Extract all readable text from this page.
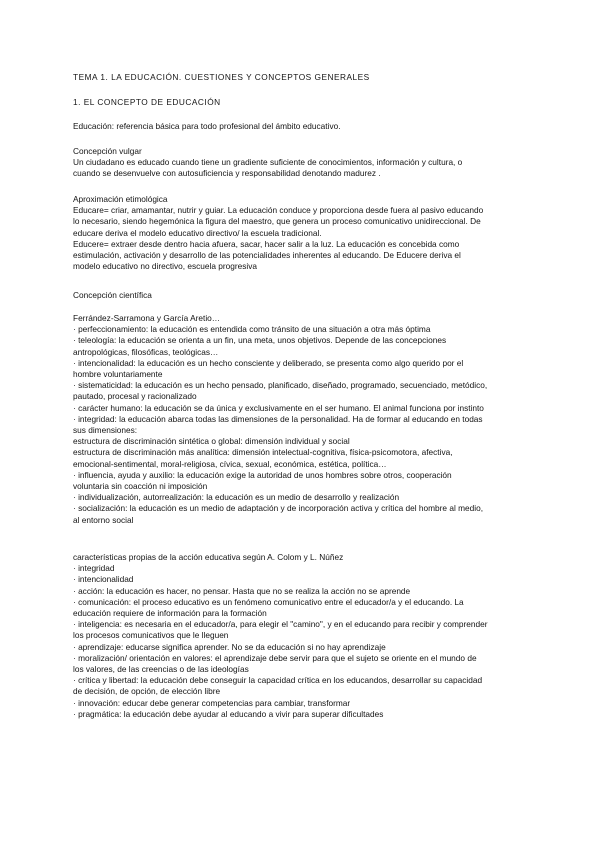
TEMA 1. LA EDUCACIÓN. CUESTIONES Y CONCEPTOS GENERALES
1. EL CONCEPTO DE EDUCACIÓN
Educación: referencia básica para todo profesional del ámbito educativo.
Concepción vulgar
Un ciudadano es educado cuando tiene un gradiente suficiente de conocimientos, información y cultura, o
cuando se desenvuelve con autosuficiencia y responsabilidad denotando madurez .
Aproximación etimológica
Educare= criar, amamantar, nutrir y guiar. La educación conduce y proporciona desde fuera al pasivo educando
lo necesario, siendo hegemónica la figura del maestro, que genera un proceso comunicativo unidireccional. De
educare deriva el modelo educativo directivo/ la escuela tradicional.
Educere= extraer desde dentro hacia afuera, sacar, hacer salir a la luz. La educación es concebida como
estimulación, activación y desarrollo de las potencialidades inherentes al educando. De Educere deriva el
modelo educativo no directivo, escuela progresiva
Concepción científica
Ferrández-Sarramona y García Aretio…
· perfeccionamiento: la educación es entendida como tránsito de una situación a otra más óptima
· teleología: la educación se orienta a un fin, una meta, unos objetivos. Depende de las concepciones
antropológicas, filosóficas, teológicas…
· intencionalidad: la educación es un hecho consciente y deliberado, se presenta como algo querido por el
hombre voluntariamente
· sistematicidad: la educación es un hecho pensado, planificado, diseñado, programado, secuenciado, metódico,
pautado, procesal y racionalizado
· carácter humano: la educación se da única y exclusivamente en el ser humano. El animal funciona por instinto
· integridad: la educación abarca todas las dimensiones de la personalidad. Ha de formar al educando en todas
sus dimensiones:
estructura de discriminación sintética o global: dimensión individual y social
estructura de discriminación más analítica: dimensión intelectual-cognitiva, física-psicomotora, afectiva,
emocional-sentimental, moral-religiosa, cívica, sexual, económica, estética, política…
· influencia, ayuda y auxilio: la educación exige la autoridad de unos hombres sobre otros, cooperación
voluntaria sin coacción ni imposición
· individualización, autorrealización: la educación es un medio de desarrollo y realización
· socialización: la educación es un medio de adaptación y de incorporación activa y crítica del hombre al medio,
al entorno social
características propias de la acción educativa según A. Colom y L. Núñez
· integridad
· intencionalidad
· acción: la educación es hacer, no pensar. Hasta que no se realiza la acción no se aprende
· comunicación: el proceso educativo es un fenómeno comunicativo entre el educador/a y el educando. La
educación requiere de información para la formación
· inteligencia: es necesaria en el educador/a, para elegir el "camino", y en el educando para recibir y comprender
los procesos comunicativos que le lleguen
· aprendizaje: educarse significa aprender. No se da educación si no hay aprendizaje
· moralización/ orientación en valores: el aprendizaje debe servir para que el sujeto se oriente en el mundo de
los valores, de las creencias o de las ideologías
· crítica y libertad: la educación debe conseguir la capacidad crítica en los educandos, desarrollar su capacidad
de decisión, de opción, de elección libre
· innovación: educar debe generar competencias para cambiar, transformar
· pragmática: la educación debe ayudar al educando a vivir para superar dificultades
